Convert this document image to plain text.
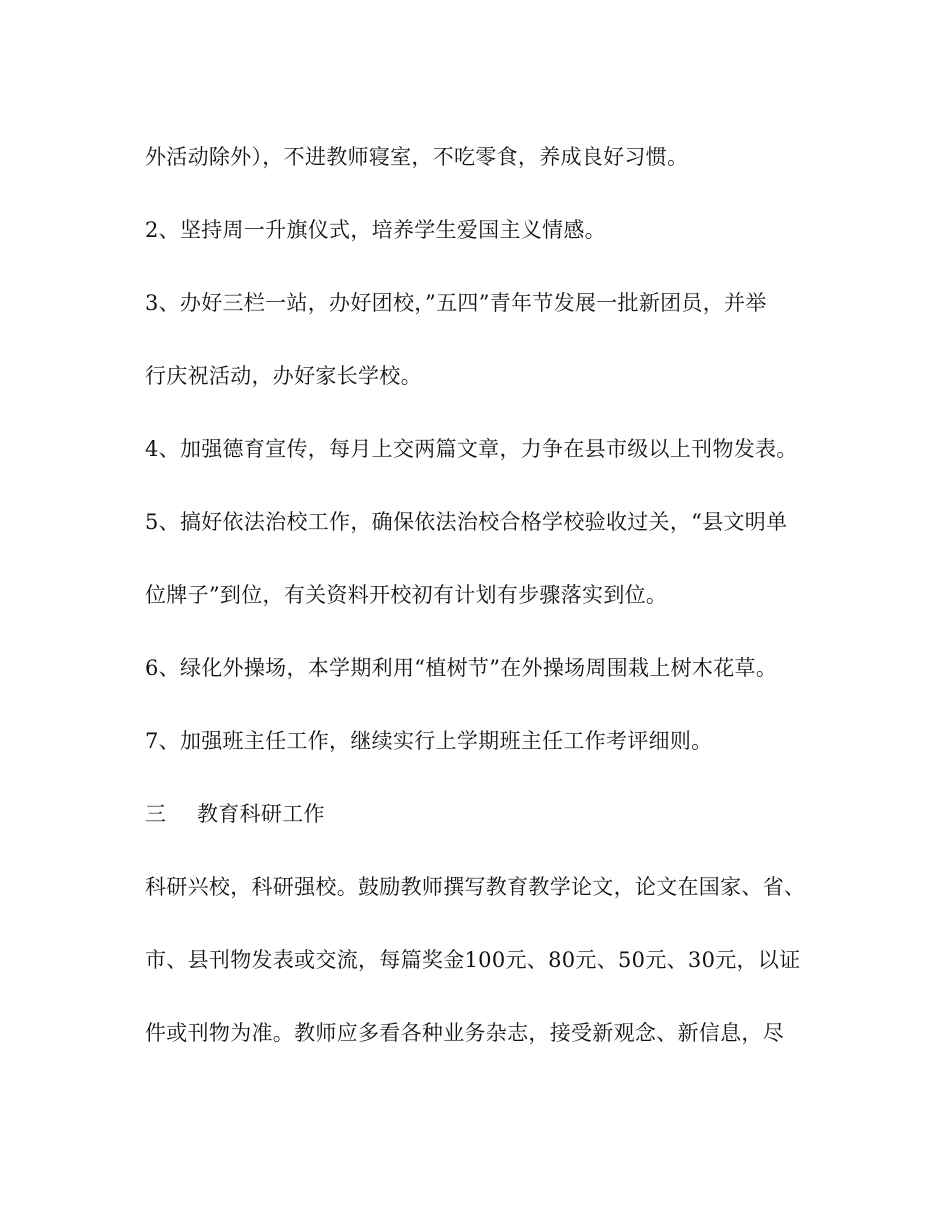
外活动除外），不进教师寝室，不吃零食，养成良好习惯。
2、坚持周一升旗仪式，培养学生爱国主义情感。
3、办好三栏一站，办好团校，”五四”青年节发展一批新团员，并举
行庆祝活动，办好家长学校。
4、加强德育宣传，每月上交两篇文章，力争在县市级以上刊物发表。
5、搞好依法治校工作，确保依法治校合格学校验收过关，“县文明单
位牌子”到位，有关资料开校初有计划有步骤落实到位。
6、绿化外操场，本学期利用“植树节”在外操场周围栽上树木花草。
7、加强班主任工作，继续实行上学期班主任工作考评细则。
三 教育科研工作
科研兴校，科研强校。鼓励教师撰写教育教学论文，论文在国家、省、
市、县刊物发表或交流，每篇奖金100元、80元、50元、30元，以证
件或刊物为准。教师应多看各种业务杂志，接受新观念、新信息，尽
